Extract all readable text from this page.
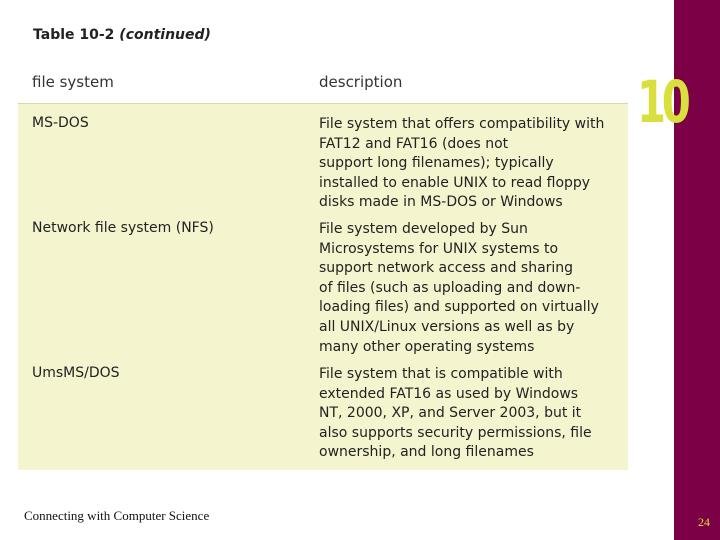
10
Table 10-2 (continued)
file system	description
MS-DOS	File system that offers compatibility with
FAT12 and FAT16 (does not
support long filenames); typically
installed to enable UNIX to read floppy
disks made in MS-DOS or Windows
Network file system (NFS)	File system developed by Sun
Microsystems for UNIX systems to
support network access and sharing
of files (such as uploading and down-
loading files) and supported on virtually
all UNIX/Linux versions as well as by
many other operating systems
UmsMS/DOS	File system that is compatible with
extended FAT16 as used by Windows
NT, 2000, XP, and Server 2003, but it
also supports security permissions, file
ownership, and long filenames
Connecting with Computer Science	24
